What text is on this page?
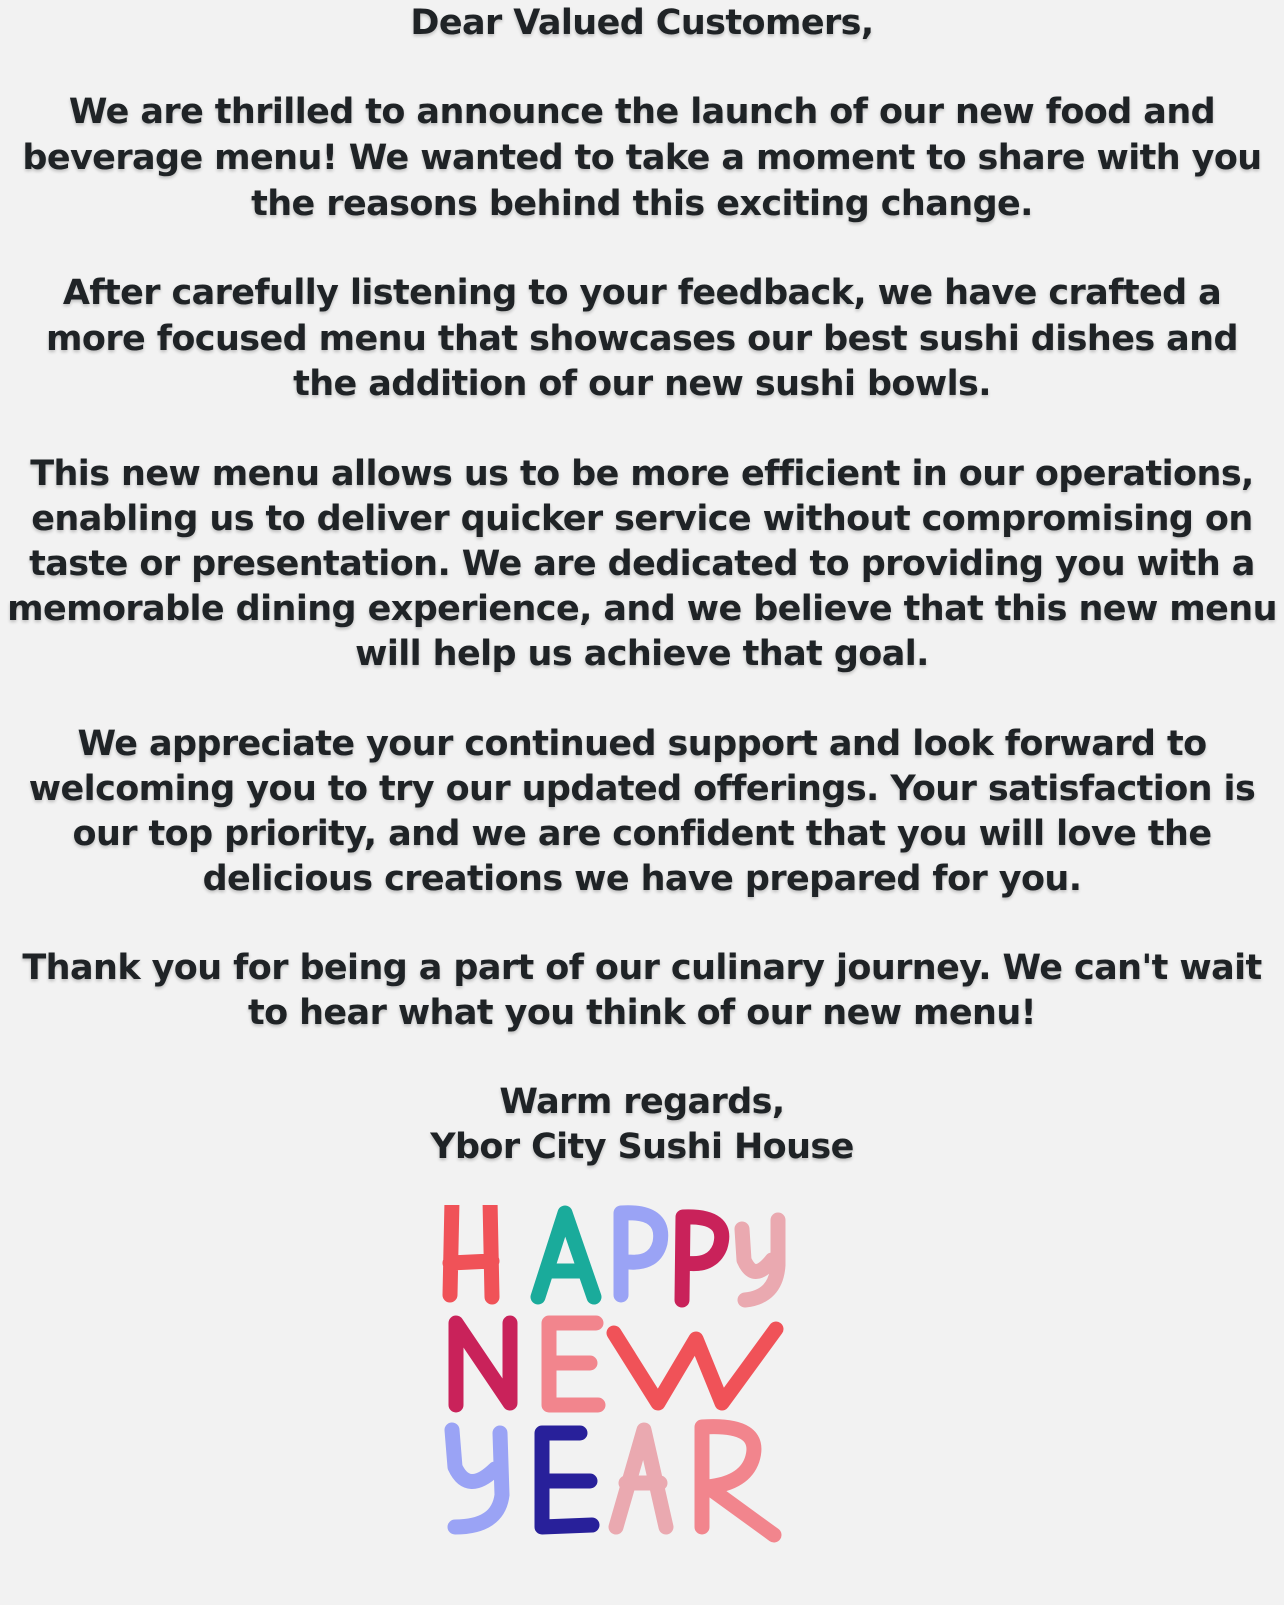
Dear Valued Customers,
We are thrilled to announce the launch of our new food and
beverage menu! We wanted to take a moment to share with you
the reasons behind this exciting change.
After carefully listening to your feedback, we have crafted a
more focused menu that showcases our best sushi dishes and
the addition of our new sushi bowls.
This new menu allows us to be more efficient in our operations,
enabling us to deliver quicker service without compromising on
taste or presentation. We are dedicated to providing you with a
memorable dining experience, and we believe that this new menu
will help us achieve that goal.
We appreciate your continued support and look forward to
welcoming you to try our updated offerings. Your satisfaction is
our top priority, and we are confident that you will love the
delicious creations we have prepared for you.
Thank you for being a part of our culinary journey. We can't wait
to hear what you think of our new menu!
Warm regards,
Ybor City Sushi House
